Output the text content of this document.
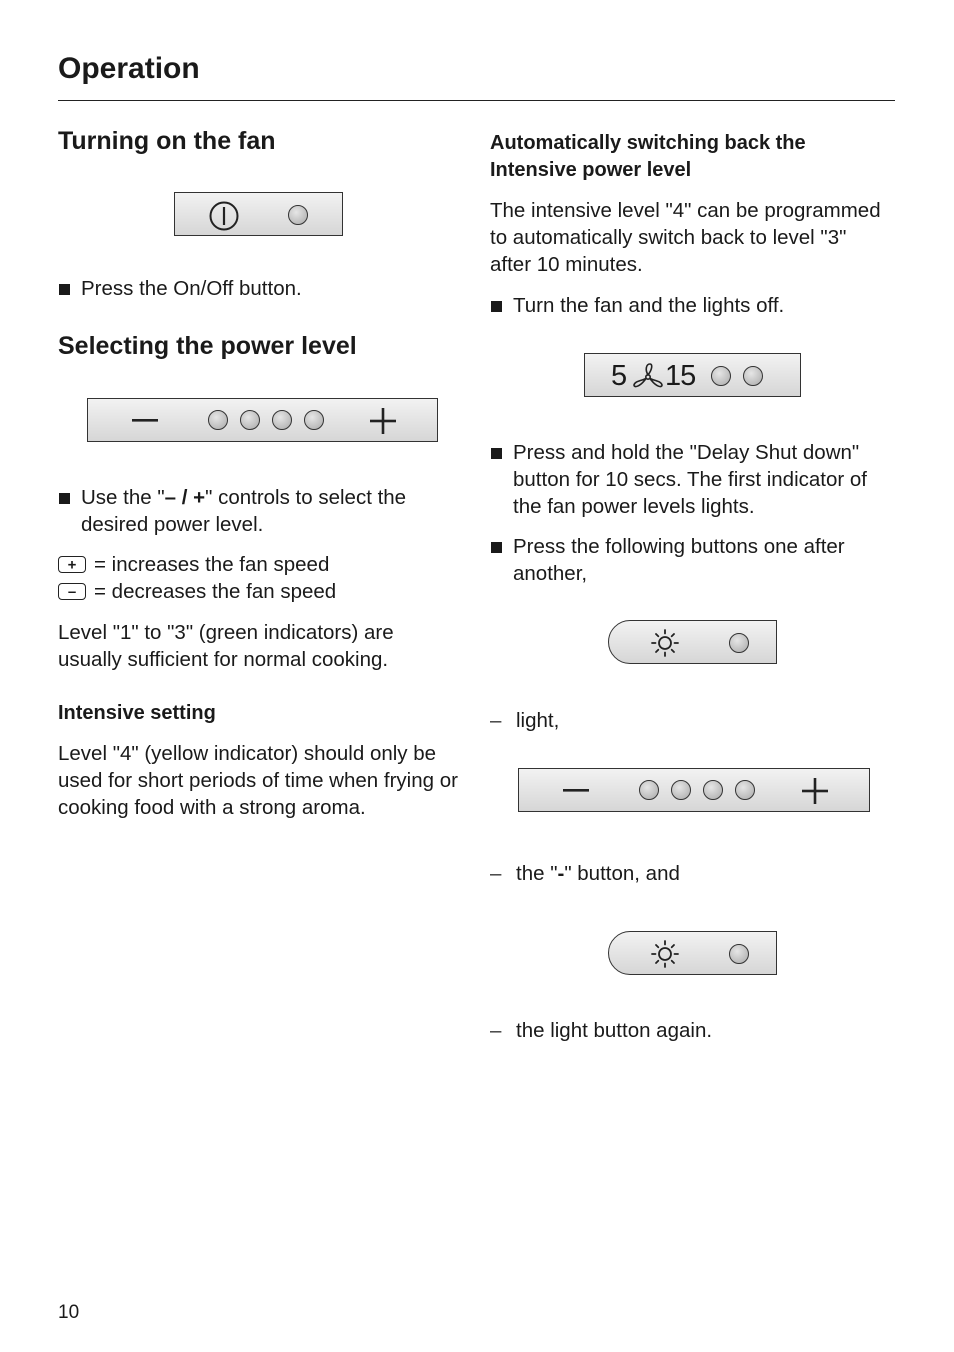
Operation
Turning on the fan
Press the On/Off button.
Selecting the power level
Use the "– / +" controls to select the desired power level.
+ = increases the fan speed
– = decreases the fan speed
Level "1" to "3" (green indicators) are usually sufficient for normal cooking.
Intensive setting
Level "4" (yellow indicator) should only be used for short periods of time when frying or cooking food with a strong aroma.
Automatically switching back the Intensive power level
The intensive level "4" can be programmed to automatically switch back to level "3" after 10 minutes.
Turn the fan and the lights off.
5 15
Press and hold the "Delay Shut down" button for 10 secs. The first indicator of the fan power levels lights.
Press the following buttons one after another,
– light,
– the "-" button, and
– the light button again.
10
